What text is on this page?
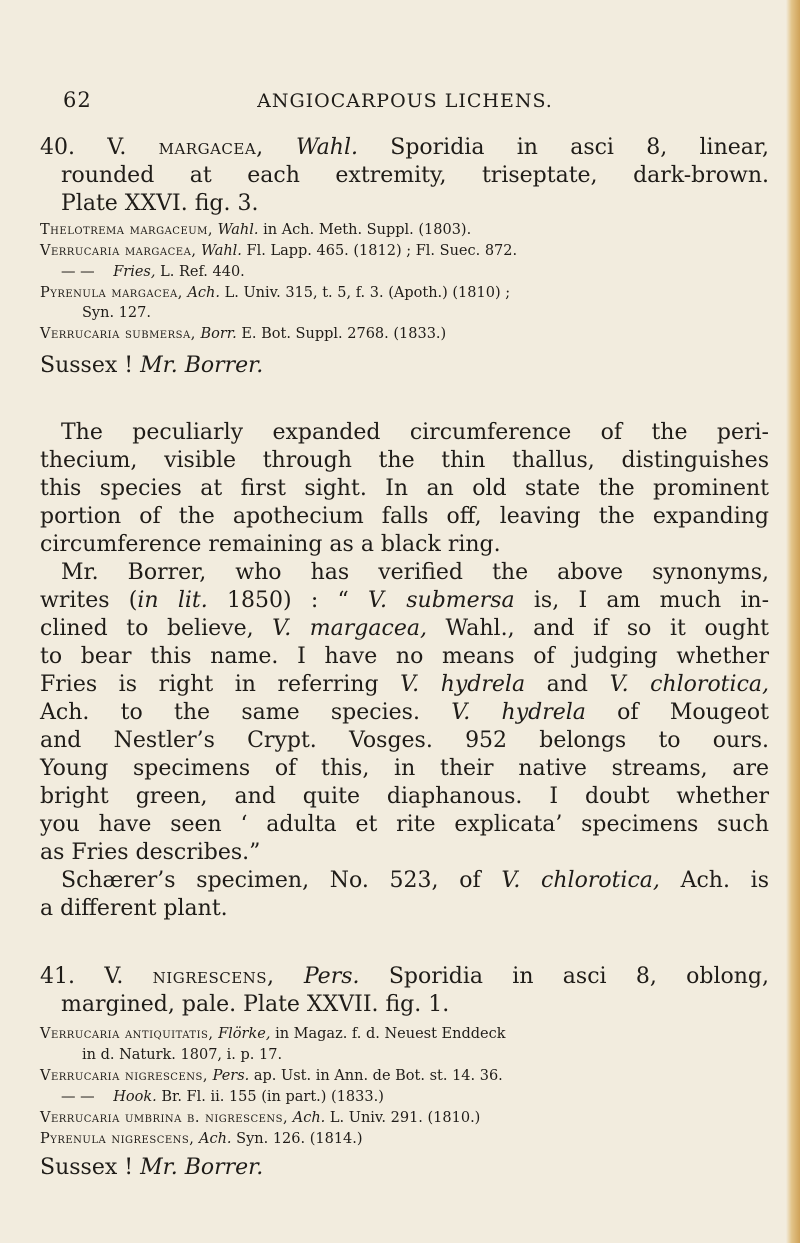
ANGIOCARPOUS LICHENS.
62
40. V. margacea, Wahl. Sporidia in asci 8, linear,
rounded at each extremity, triseptate, dark-brown.
Plate XXVI. fig. 3.
Thelotrema margaceum, Wahl. in Ach. Meth. Suppl. (1803).
Verrucaria margacea, Wahl. Fl. Lapp. 465. (1812) ; Fl. Suec. 872.
— — Fries, L. Ref. 440.
Pyrenula margacea, Ach. L. Univ. 315, t. 5, f. 3. (Apoth.) (1810) ;
Syn. 127.
Verrucaria submersa, Borr. E. Bot. Suppl. 2768. (1833.)
Sussex ! Mr. Borrer.
The peculiarly expanded circumference of the peri-
thecium, visible through the thin thallus, distinguishes
this species at first sight. In an old state the prominent
portion of the apothecium falls off, leaving the expanding
circumference remaining as a black ring.
Mr. Borrer, who has verified the above synonyms,
writes (in lit. 1850) : “ V. submersa is, I am much in-
clined to believe, V. margacea, Wahl., and if so it ought
to bear this name. I have no means of judging whether
Fries is right in referring V. hydrela and V. chlorotica,
Ach. to the same species. V. hydrela of Mougeot
and Nestler’s Crypt. Vosges. 952 belongs to ours.
Young specimens of this, in their native streams, are
bright green, and quite diaphanous. I doubt whether
you have seen ‘ adulta et rite explicata’ specimens such
as Fries describes.”
Schærer’s specimen, No. 523, of V. chlorotica, Ach. is
a different plant.
41. V. nigrescens, Pers. Sporidia in asci 8, oblong,
margined, pale. Plate XXVII. fig. 1.
Verrucaria antiquitatis, Flörke, in Magaz. f. d. Neuest Enddeck
in d. Naturk. 1807, i. p. 17.
Verrucaria nigrescens, Pers. ap. Ust. in Ann. de Bot. st. 14. 36.
— — Hook. Br. Fl. ii. 155 (in part.) (1833.)
Verrucaria umbrina β. nigrescens, Ach. L. Univ. 291. (1810.)
Pyrenula nigrescens, Ach. Syn. 126. (1814.)
Sussex ! Mr. Borrer.
